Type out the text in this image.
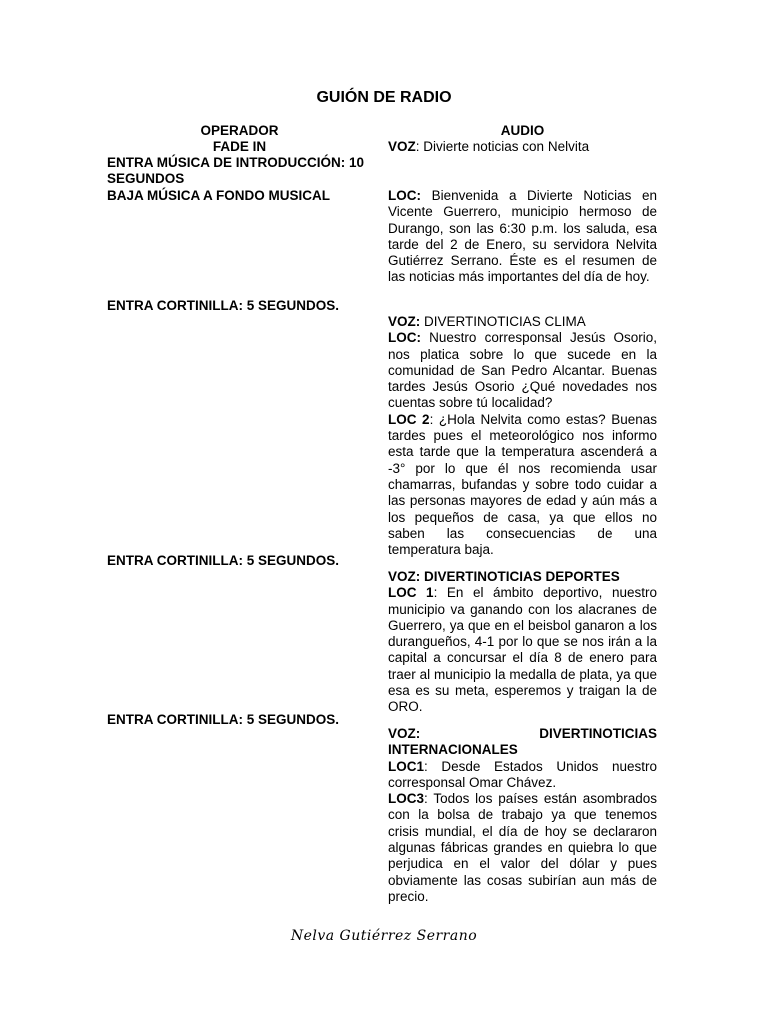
GUIÓN DE RADIO
OPERADOR	AUDIO
FADE IN
ENTRA MÚSICA DE INTRODUCCIÓN: 10 SEGUNDOS
BAJA MÚSICA A FONDO MUSICAL
ENTRA CORTINILLA: 5 SEGUNDOS.
ENTRA CORTINILLA: 5 SEGUNDOS.
ENTRA CORTINILLA: 5 SEGUNDOS.

VOZ: Divierte noticias con Nelvita

LOC: Bienvenida a Divierte Noticias en Vicente Guerrero, municipio hermoso de Durango, son las 6:30 p.m. los saluda, esa tarde del 2 de Enero, su servidora Nelvita Gutiérrez Serrano. Éste es el resumen de las noticias más importantes del día de hoy.

VOZ: DIVERTINOTICIAS CLIMA

LOC: Nuestro corresponsal Jesús Osorio, nos platica sobre lo que sucede en la comunidad de San Pedro Alcantar. Buenas tardes Jesús Osorio ¿Qué novedades nos cuentas sobre tú localidad?

LOC 2: ¿Hola Nelvita como estas? Buenas tardes pues el meteorológico nos informo esta tarde que la temperatura ascenderá a -3° por lo que él nos recomienda usar chamarras, bufandas y sobre todo cuidar a las personas mayores de edad y aún más a los pequeños de casa, ya que ellos no saben las consecuencias de una temperatura baja.

VOZ: DIVERTINOTICIAS DEPORTES

LOC 1: En el ámbito deportivo, nuestro municipio va ganando con los alacranes de Guerrero, ya que en el beisbol ganaron a los duranguеños, 4-1 por lo que se nos irán a la capital a concursar el día 8 de enero para traer al municipio la medalla de plata, ya que esa es su meta, esperemos y traigan la de ORO.

VOZ: DIVERTINOTICIAS INTERNACIONALES

LOC1: Desde Estados Unidos nuestro corresponsal Omar Chávez.

LOC3: Todos los países están asombrados con la bolsa de trabajo ya que tenemos crisis mundial, el día de hoy se declararon algunas fábricas grandes en quiebra lo que perjudica en el valor del dólar y pues obviamente las cosas subirían aun más de precio.

Nelva Gutiérrez Serrano
